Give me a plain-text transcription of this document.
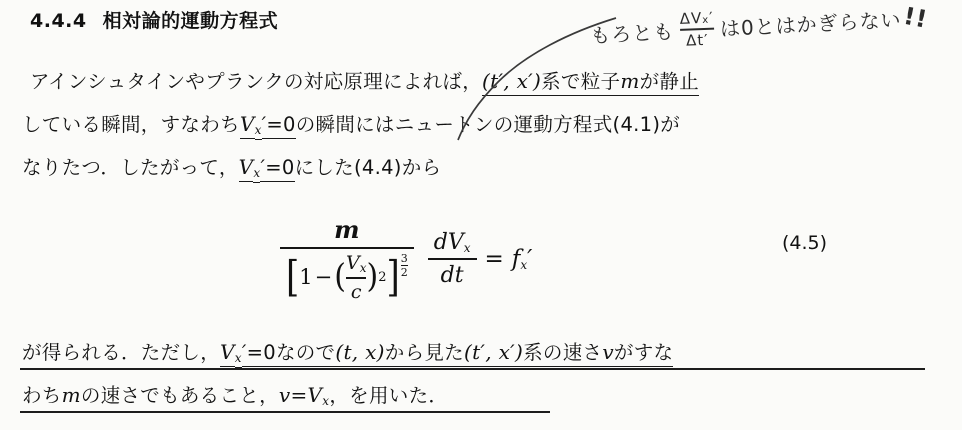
4.4.4 相対論的運動方程式
アインシュタインやプランクの対応原理によれば，(t′, x′)系で粒子mが静止
している瞬間，すなわち$V_x'=0$の瞬間にはニュートンの運動方程式(4.1)が
なりたつ．したがって，$V_x'=0$にした(4.4)から
m
[ 1 − ( $V_x$
c ) 2 ] 3
$2 \frac{dV_x}{dt} = f_x'$
(4.5)
が得られる．ただし，$V_x'=0$なので(t, x)から見た(t′, x′)系の速さvがすな
わちmの速さでもあること，$v=V_x$，を用いた．
もろとも $\frac{\text{ΔVx′}}{\Delta t'}$ は0とはかぎらない
!!
